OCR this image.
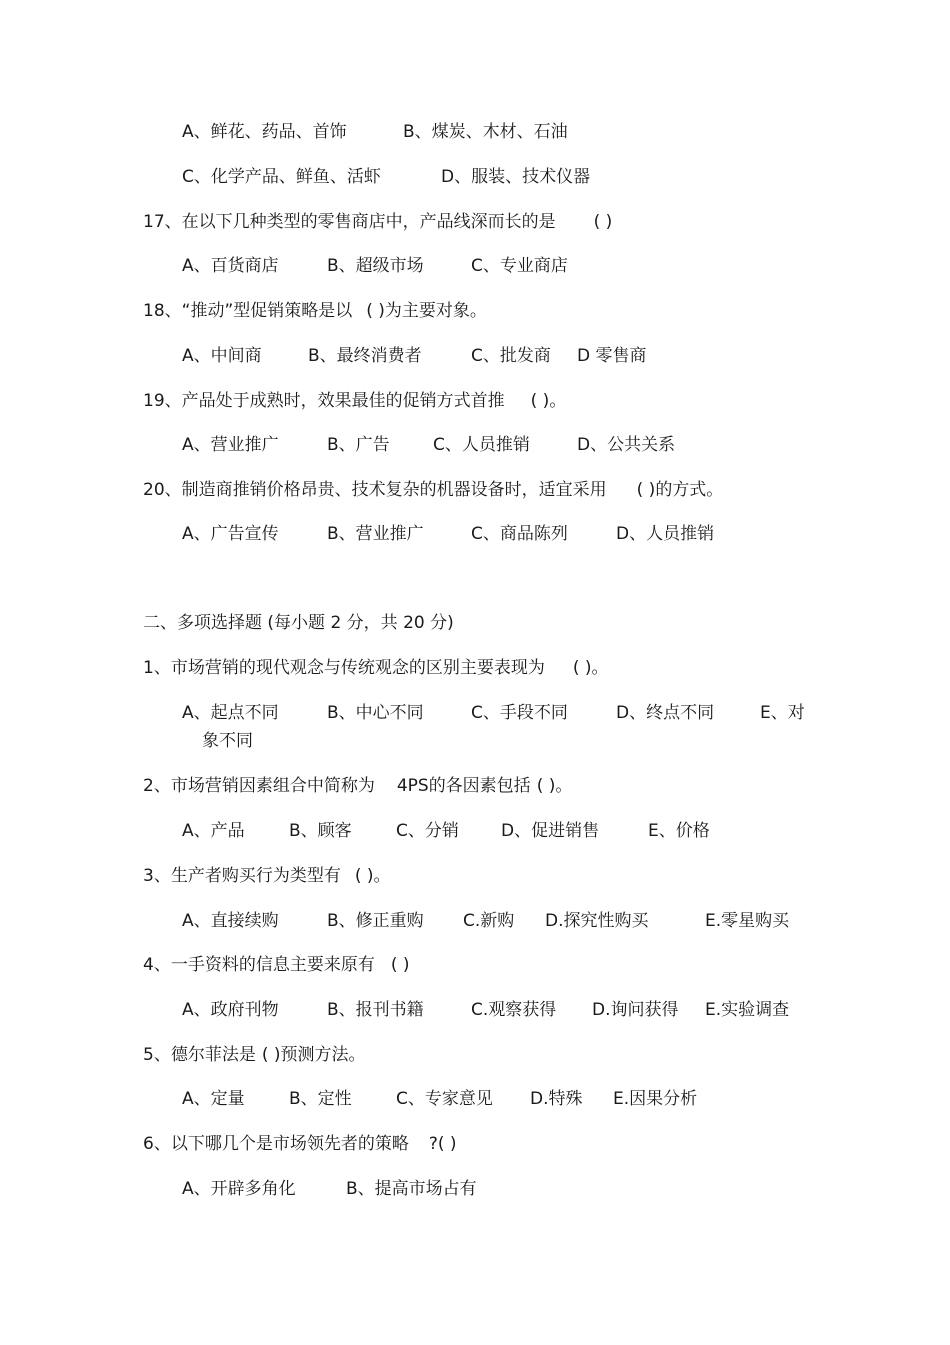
A、鲜花、药品、首饰	B、煤炭、木材、石油
C、化学产品、鲜鱼、活虾	D、服装、技术仪器
17、在以下几种类型的零售商店中，产品线深而长的是 ( )
A、百货商店	B、超级市场	C、专业商店
18、“推动”型促销策略是以 ( )为主要对象。
A、中间商	B、最终消费者	C、批发商 D 零售商
19、产品处于成熟时，效果最佳的促销方式首推 ( )。
A、营业推广	B、广告	C、人员推销	D、公共关系
20、制造商推销价格昂贵、技术复杂的机器设备时，适宜采用 ( )的方式。
A、广告宣传	B、营业推广	C、商品陈列	D、人员推销
二、多项选择题 (每小题 2 分，共 20 分)
1、市场营销的现代观念与传统观念的区别主要表现为 ( )。
A、起点不同	B、中心不同	C、手段不同	D、终点不同	E、对
象不同
2、市场营销因素组合中简称为 4PS的各因素包括 ( )。
A、产品	B、顾客	C、分销 D、促进销售	E、价格
3、生产者购买行为类型有 ( )。
A、直接续购	B、修正重购 C.新购 D.探究性购买	E.零星购买
4、一手资料的信息主要来原有 ( )
A、政府刊物	B、报刊书籍	C.观察获得 D.询问获得 E.实验调查
5、德尔菲法是 ( )预测方法。
A、定量	B、定性	C、专家意见 D.特殊 E.因果分析
6、以下哪几个是市场领先者的策略 ?( )
A、开辟多角化	B、提高市场占有
